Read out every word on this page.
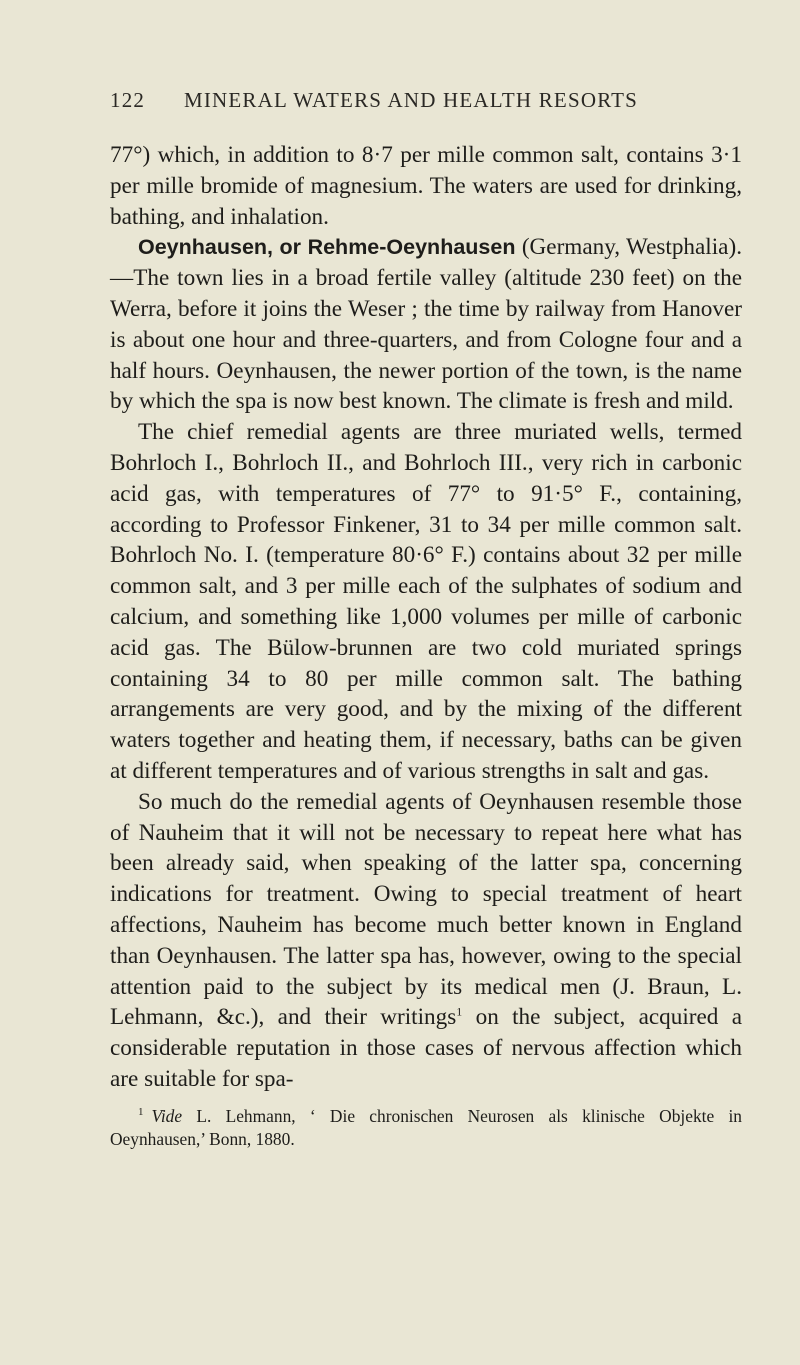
122	MINERAL WATERS AND HEALTH RESORTS

77°) which, in addition to 8·7 per mille common salt, contains 3·1 per mille bromide of magnesium. The waters are used for drinking, bathing, and inhalation.

Oeynhausen, or Rehme-Oeynhausen (Germany, Westphalia).—The town lies in a broad fertile valley (altitude 230 feet) on the Werra, before it joins the Weser ; the time by railway from Hanover is about one hour and three-quarters, and from Cologne four and a half hours. Oeynhausen, the newer portion of the town, is the name by which the spa is now best known. The climate is fresh and mild.

The chief remedial agents are three muriated wells, termed Bohrloch I., Bohrloch II., and Bohrloch III., very rich in carbonic acid gas, with temperatures of 77° to 91·5° F., containing, according to Professor Finkener, 31 to 34 per mille common salt. Bohrloch No. I. (temperature 80·6° F.) contains about 32 per mille common salt, and 3 per mille each of the sulphates of sodium and calcium, and something like 1,000 volumes per mille of carbonic acid gas. The Bülow-brunnen are two cold muriated springs containing 34 to 80 per mille common salt. The bathing arrangements are very good, and by the mixing of the different waters together and heating them, if necessary, baths can be given at different temperatures and of various strengths in salt and gas.

So much do the remedial agents of Oeynhausen resemble those of Nauheim that it will not be necessary to repeat here what has been already said, when speaking of the latter spa, concerning indications for treatment. Owing to special treatment of heart affections, Nauheim has become much better known in England than Oeynhausen. The latter spa has, however, owing to the special attention paid to the subject by its medical men (J. Braun, L. Lehmann, &c.), and their writings$^1$ on the subject, acquired a considerable reputation in those cases of nervous affection which are suitable for spa-

$^1$ Vide L. Lehmann, ‘ Die chronischen Neurosen als klinische Objekte in Oeynhausen,’ Bonn, 1880.
